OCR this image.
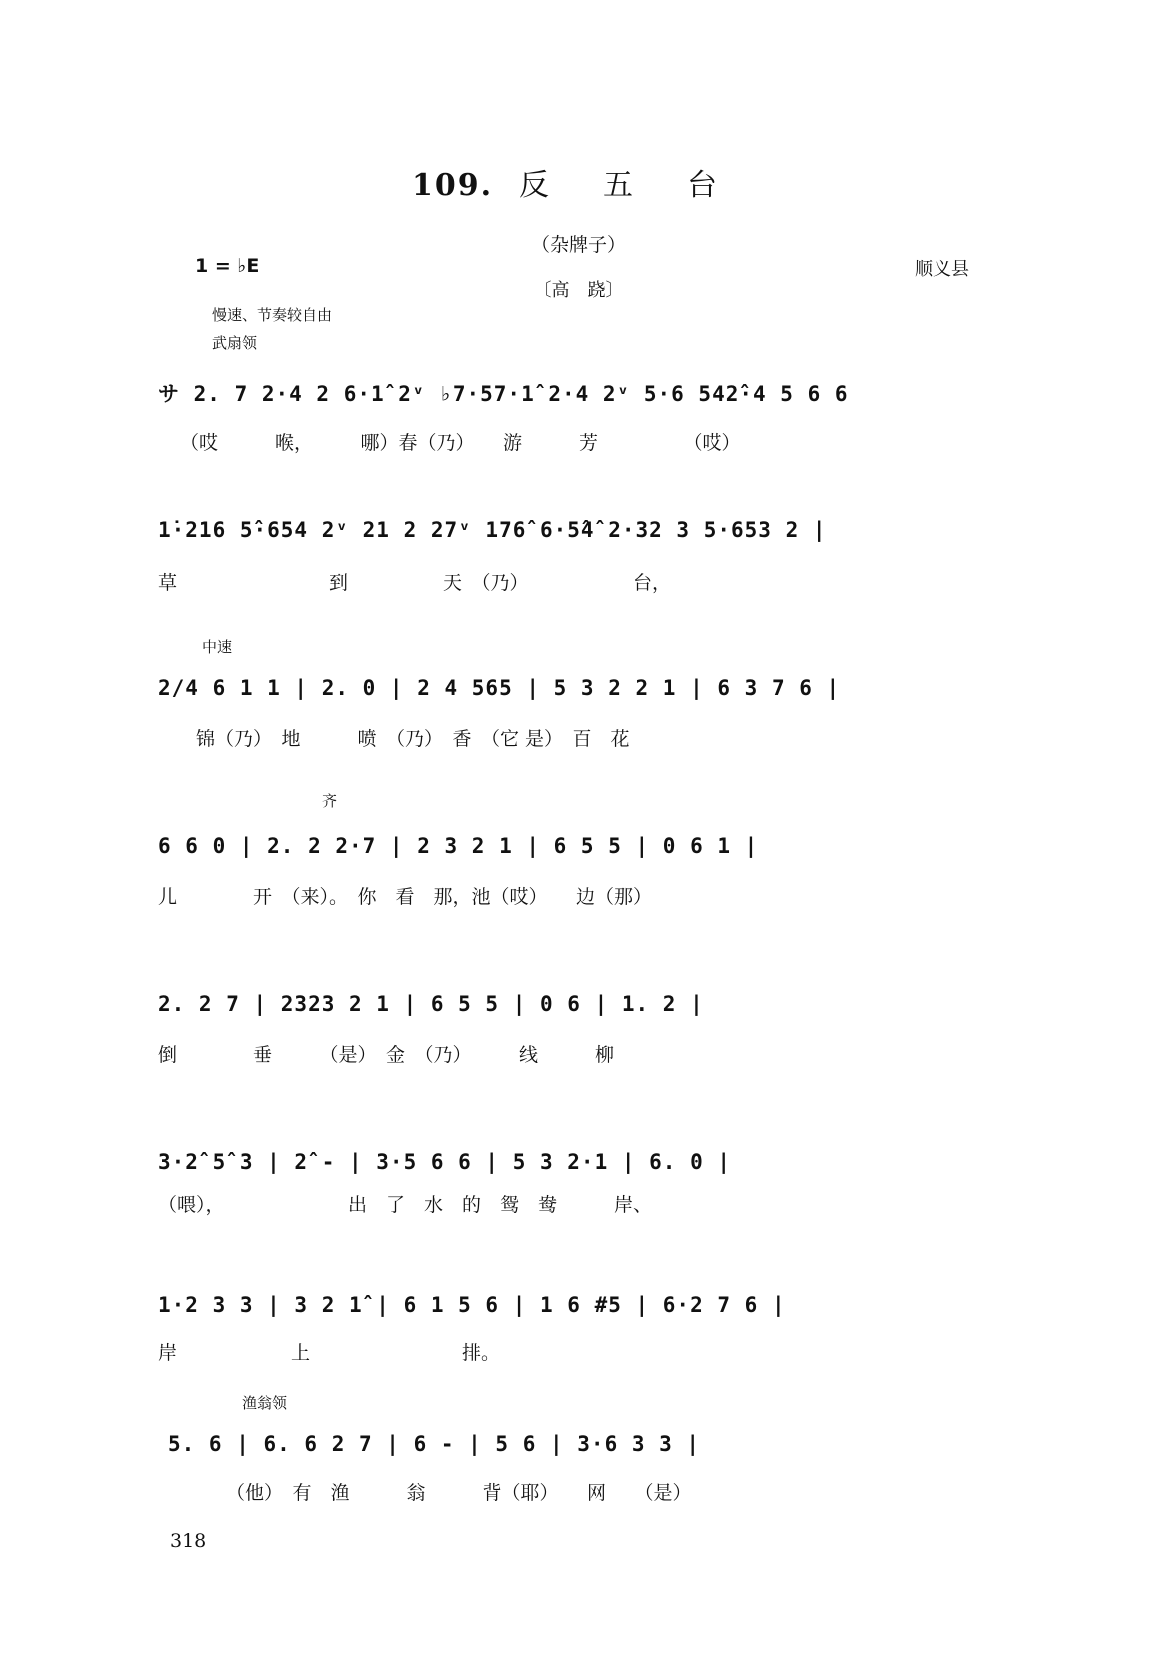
109. 反 五 台
（杂牌子）
1 = ♭E	顺义县
〔高　跷〕
慢速、节奏较自由
武扇领
サ 2. 7 2·4 2 6·1̂ 2ᵛ ♭7·57·1̂ 2·4 2ᵛ 5·6 542̂·4 5 6 6
（哎　　　喉，　　　哪）春（乃）　　游　　　芳　　　　　（哎）
1̇·216 5̂·654 2ᵛ 21 2 27ᵛ 176̂ 6·5̂4̂ 2·32 3 5·653 2 |
草　　　　　　　　到　　　　　天　（乃）　　　　　　台，
中速
2/4 6 1 1 | 2. 0 | 2 4 565 | 5 3 2 2 1 | 6 3 7 6 |
锦（乃）　地　　　喷　（乃）　香　（它 是）　百　花
齐
6 6 0 | 2. 2 2·7 | 2 3 2 1 | 6 5 5 | 0 6 1 |
儿　　　　开　（来）。　你　看　那，池（哎）　　边（那）
2. 2 7 | 2323 2 1 | 6 5 5 | 0 6 | 1. 2 |
倒　　　　垂　　　（是）　金　（乃）　　　线　　　柳
3·2̂ 5̂ 3 | 2̂ - | 3·5 6 6 | 5 3 2·1 | 6. 0 |
（喂），　　　　　　　出　了　水　的　鸳　鸯　　　岸、
1·2 3 3 | 3 2 1̂ | 6 1 5 6 | 1 6 #5 | 6·2 7 6 |
岸　　　　　　上　　　　　　　　排。
渔翁领
5. 6 | 6. 6 2 7 | 6 - | 5 6 | 3·6 3 3 |
（他）　有　渔　　　翁　　　背（耶）　　网　　（是）
318
